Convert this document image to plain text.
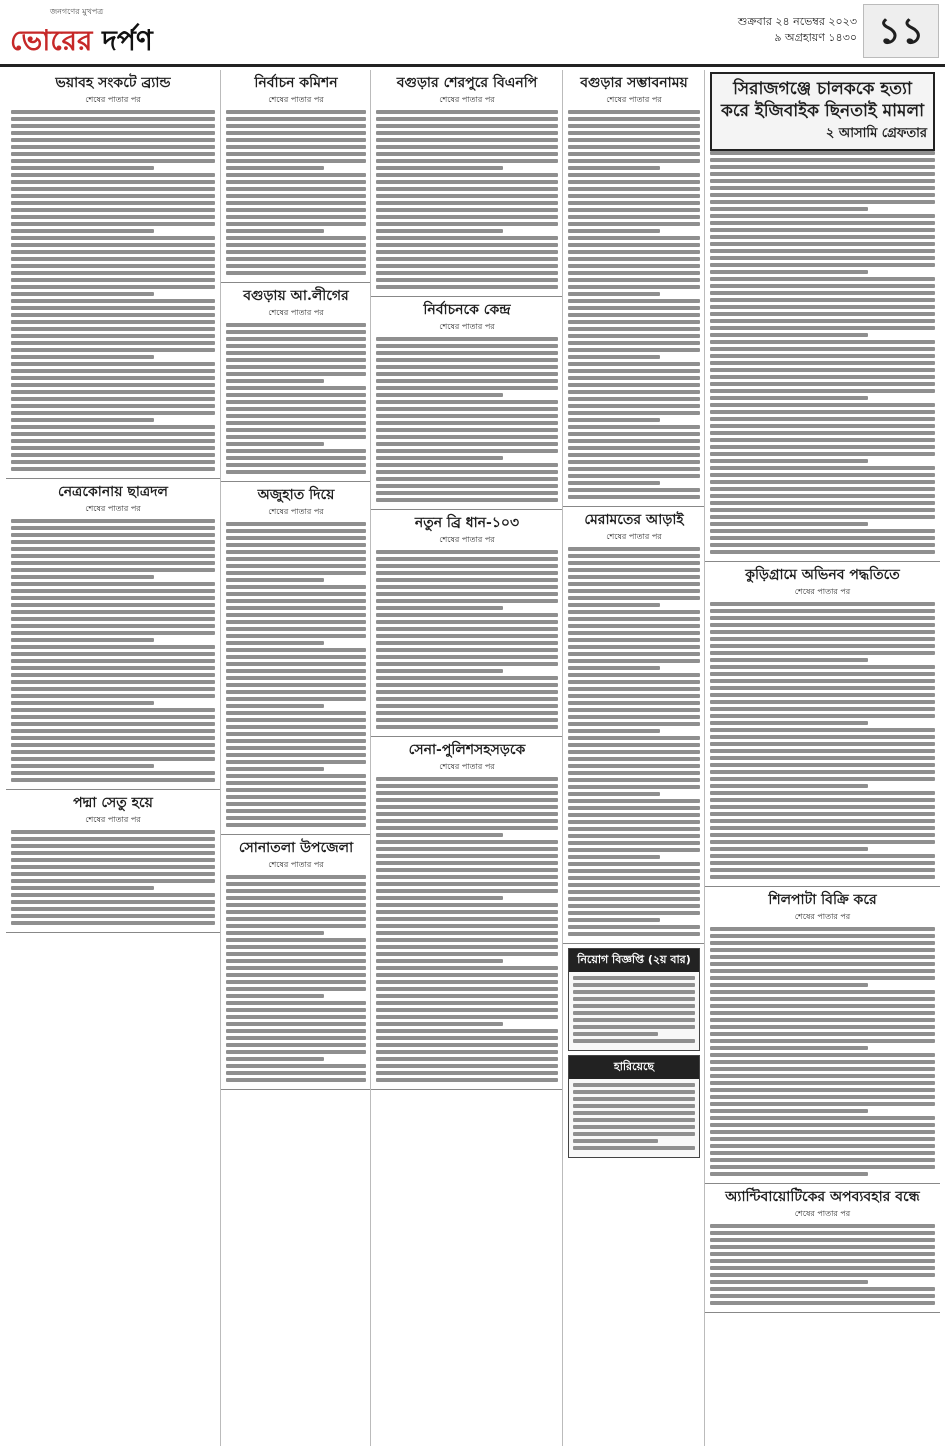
জনগণের মুখপত্র
ভোরের দর্পণ
শুক্রবার ২৪ নভেম্বর ২০২৩
৯ অগ্রহায়ণ ১৪৩০ ১১
ভয়াবহ সংকটে ব্র্যান্ড
শেষের পাতার পর
নেত্রকোনায় ছাত্রদল
শেষের পাতার পর
পদ্মা সেতু হয়ে
শেষের পাতার পর
নির্বাচন কমিশন
শেষের পাতার পর
বগুড়ায় আ.লীগের
শেষের পাতার পর
অজুহাত দিয়ে
শেষের পাতার পর
সোনাতলা উপজেলা
শেষের পাতার পর
বগুড়ার শেরপুরে বিএনপি
শেষের পাতার পর
নির্বাচনকে কেন্দ্র
শেষের পাতার পর
নতুন ব্রি ধান-১০৩
শেষের পাতার পর
সেনা-পুলিশসহসড়কে
শেষের পাতার পর
বগুড়ার সম্ভাবনাময়
শেষের পাতার পর
মেরামতের আড়াই
শেষের পাতার পর
নিয়োগ বিজ্ঞপ্তি (২য় বার)
হারিয়েছে
সিরাজগঞ্জে চালককে হত্যা করে ইজিবাইক ছিনতাই মামলা
২ আসামি গ্রেফতার
কুড়িগ্রামে অভিনব পদ্ধতিতে
শেষের পাতার পর
শিলপাটা বিক্রি করে
শেষের পাতার পর
অ্যান্টিবায়োটিকের অপব্যবহার বন্ধে
শেষের পাতার পর
